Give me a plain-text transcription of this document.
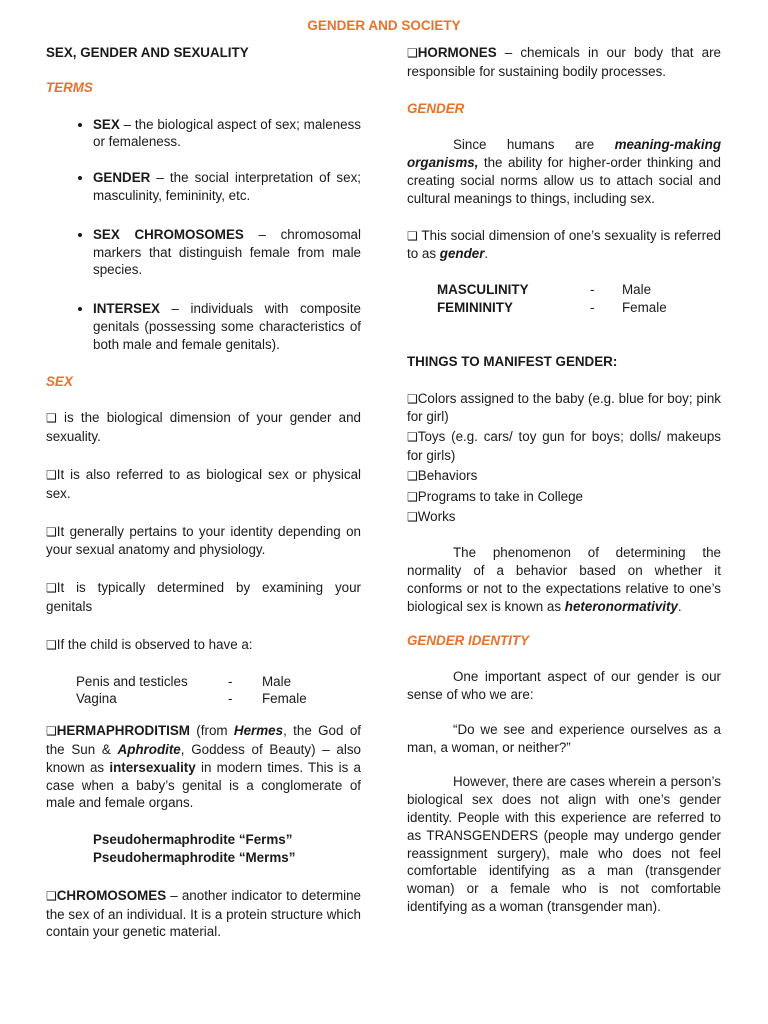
GENDER AND SOCIETY
SEX, GENDER AND SEXUALITY
TERMS
• SEX – the biological aspect of sex; maleness or femaleness.
• GENDER – the social interpretation of sex; masculinity, femininity, etc.
• SEX CHROMOSOMES – chromosomal markers that distinguish female from male species.
• INTERSEX – individuals with composite genitals (possessing some characteristics of both male and female genitals).
SEX

❑ is the biological dimension of your gender and sexuality.

❑ It is also referred to as biological sex or physical sex.

❑ It generally pertains to your identity depending on your sexual anatomy and physiology.

❑ It is typically determined by examining your genitals

❑ If the child is observed to have a:

Penis and testicles	-	Male
Vagina	-	Female

❑ HERMAPHRODITISM (from Hermes, the God of the Sun & Aphrodite, Goddess of Beauty) – also known as intersexuality in modern times. This is a case when a baby’s genital is a conglomerate of male and female organs.

Pseudohermaphrodite “Ferms”
Pseudohermaphrodite “Merms”

❑ CHROMOSOMES – another indicator to determine the sex of an individual. It is a protein structure which contain your genetic material.

❑ HORMONES – chemicals in our body that are responsible for sustaining bodily processes.

GENDER

Since humans are meaning-making organisms, the ability for higher-order thinking and creating social norms allow us to attach social and cultural meanings to things, including sex.

❑ This social dimension of one’s sexuality is referred to as gender.

MASCULINITY	-	Male
FEMININITY	-	Female
THINGS TO MANIFEST GENDER:

❑ Colors assigned to the baby (e.g. blue for boy; pink for girl)

❑ Toys (e.g. cars/ toy gun for boys; dolls/ makeups for girls)

❑ Behaviors

❑ Programs to take in College

❑ Works

The phenomenon of determining the normality of a behavior based on whether it conforms or not to the expectations relative to one’s biological sex is known as heteronormativity.

GENDER IDENTITY

One important aspect of our gender is our sense of who we are:

“Do we see and experience ourselves as a man, a woman, or neither?”

However, there are cases wherein a person’s biological sex does not align with one’s gender identity. People with this experience are referred to as TRANSGENDERS (people may undergo gender reassignment surgery), male who does not feel comfortable identifying as a man (transgender woman) or a female who is not comfortable identifying as a woman (transgender man).
